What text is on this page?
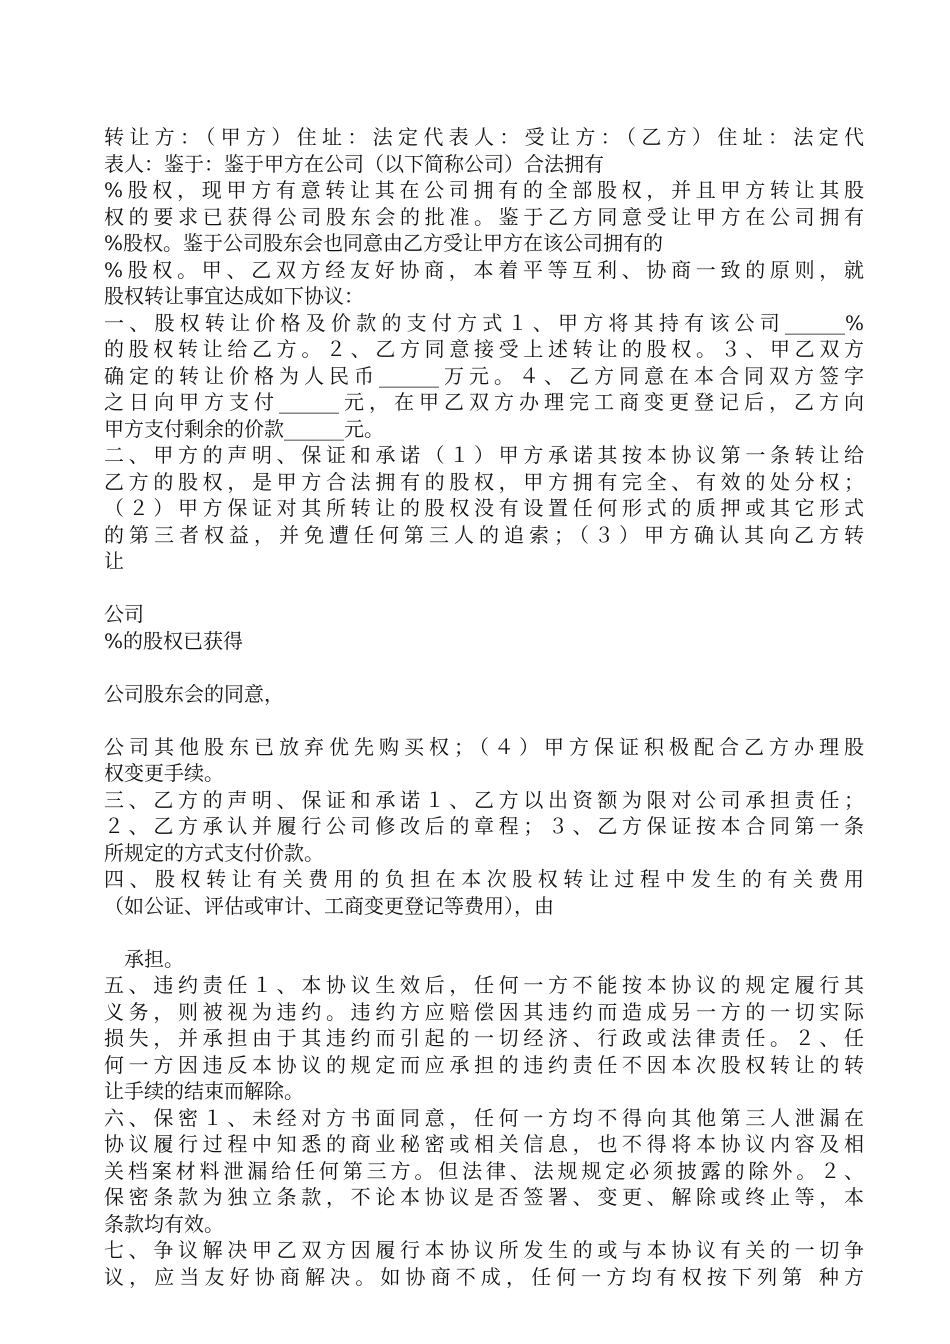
转让方：（甲方）住址：法定代表人：受让方：（乙方）住址：法定代
表人：鉴于：鉴于甲方在公司（以下简称公司）合法拥有
%股权，现甲方有意转让其在公司拥有的全部股权，并且甲方转让其股
权的要求已获得公司股东会的批准。鉴于乙方同意受让甲方在公司拥有
%股权。鉴于公司股东会也同意由乙方受让甲方在该公司拥有的
%股权。甲、乙双方经友好协商，本着平等互利、协商一致的原则，就
股权转让事宜达成如下协议：
一、股权转让价格及价款的支付方式１、甲方将其持有该公司______%
的股权转让给乙方。２、乙方同意接受上述转让的股权。３、甲乙双方
确定的转让价格为人民币______万元。４、乙方同意在本合同双方签字
之日向甲方支付______元，在甲乙双方办理完工商变更登记后，乙方向
甲方支付剩余的价款______元。
二、甲方的声明、保证和承诺（１）甲方承诺其按本协议第一条转让给
乙方的股权，是甲方合法拥有的股权，甲方拥有完全、有效的处分权；
（２）甲方保证对其所转让的股权没有设置任何形式的质押或其它形式
的第三者权益，并免遭任何第三人的追索；（３）甲方确认其向乙方转
让
公司
%的股权已获得
公司股东会的同意，
公司其他股东已放弃优先购买权；（４）甲方保证积极配合乙方办理股
权变更手续。
三、乙方的声明、保证和承诺１、乙方以出资额为限对公司承担责任；
２、乙方承认并履行公司修改后的章程；３、乙方保证按本合同第一条
所规定的方式支付价款。
四、股权转让有关费用的负担在本次股权转让过程中发生的有关费用
（如公证、评估或审计、工商变更登记等费用），由
　承担。
五、违约责任１、本协议生效后，任何一方不能按本协议的规定履行其
义务，则被视为违约。违约方应赔偿因其违约而造成另一方的一切实际
损失，并承担由于其违约而引起的一切经济、行政或法律责任。２、任
何一方因违反本协议的规定而应承担的违约责任不因本次股权转让的转
让手续的结束而解除。
六、保密１、未经对方书面同意，任何一方均不得向其他第三人泄漏在
协议履行过程中知悉的商业秘密或相关信息，也不得将本协议内容及相
关档案材料泄漏给任何第三方。但法律、法规规定必须披露的除外。２、
保密条款为独立条款，不论本协议是否签署、变更、解除或终止等，本
条款均有效。
七、争议解决甲乙双方因履行本协议所发生的或与本协议有关的一切争
议，应当友好协商解决。如协商不成，任何一方均有权按下列第 种方
